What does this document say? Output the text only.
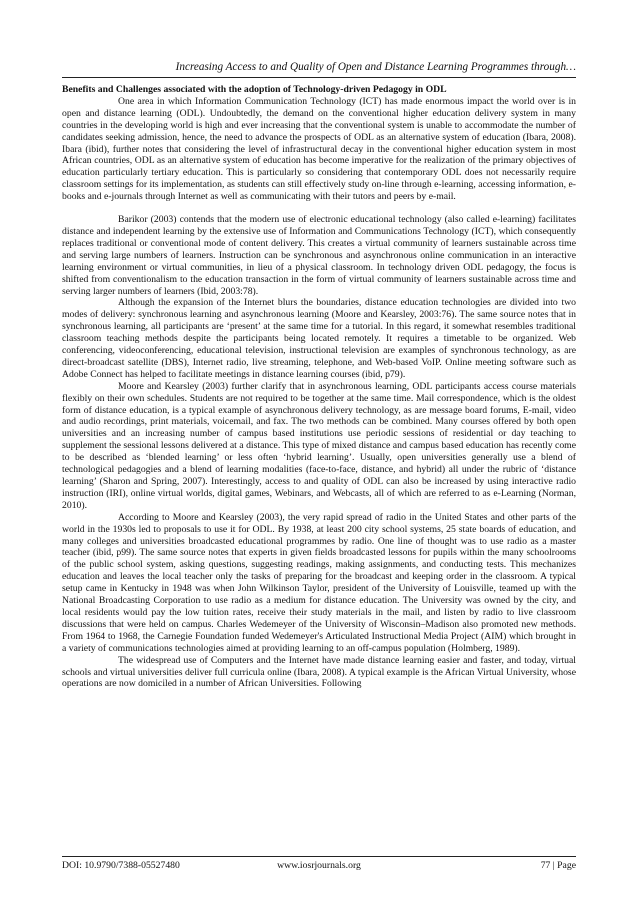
Increasing Access to and Quality of Open and Distance Learning Programmes through…
Benefits and Challenges associated with the adoption of Technology-driven Pedagogy in ODL

One area in which Information Communication Technology (ICT) has made enormous impact the world over is in open and distance learning (ODL). Undoubtedly, the demand on the conventional higher education delivery system in many countries in the developing world is high and ever increasing that the conventional system is unable to accommodate the number of candidates seeking admission, hence, the need to advance the prospects of ODL as an alternative system of education (Ibara, 2008). Ibara (ibid), further notes that considering the level of infrastructural decay in the conventional higher education system in most African countries, ODL as an alternative system of education has become imperative for the realization of the primary objectives of education particularly tertiary education. This is particularly so considering that contemporary ODL does not necessarily require classroom settings for its implementation, as students can still effectively study on-line through e-learning, accessing information, e-books and e-journals through Internet as well as communicating with their tutors and peers by e-mail.

Barikor (2003) contends that the modern use of electronic educational technology (also called e-learning) facilitates distance and independent learning by the extensive use of Information and Communications Technology (ICT), which consequently replaces traditional or conventional mode of content delivery. This creates a virtual community of learners sustainable across time and serving large numbers of learners. Instruction can be synchronous and asynchronous online communication in an interactive learning environment or virtual communities, in lieu of a physical classroom. In technology driven ODL pedagogy, the focus is shifted from conventionalism to the education transaction in the form of virtual community of learners sustainable across time and serving larger numbers of learners (Ibid, 2003:78).

Although the expansion of the Internet blurs the boundaries, distance education technologies are divided into two modes of delivery: synchronous learning and asynchronous learning (Moore and Kearsley, 2003:76). The same source notes that in synchronous learning, all participants are ‘present’ at the same time for a tutorial. In this regard, it somewhat resembles traditional classroom teaching methods despite the participants being located remotely. It requires a timetable to be organized. Web conferencing, videoconferencing, educational television, instructional television are examples of synchronous technology, as are direct-broadcast satellite (DBS), Internet radio, live streaming, telephone, and Web-based VoIP. Online meeting software such as Adobe Connect has helped to facilitate meetings in distance learning courses (ibid, p79).

Moore and Kearsley (2003) further clarify that in asynchronous learning, ODL participants access course materials flexibly on their own schedules. Students are not required to be together at the same time. Mail correspondence, which is the oldest form of distance education, is a typical example of asynchronous delivery technology, as are message board forums, E-mail, video and audio recordings, print materials, voicemail, and fax. The two methods can be combined. Many courses offered by both open universities and an increasing number of campus based institutions use periodic sessions of residential or day teaching to supplement the sessional lessons delivered at a distance. This type of mixed distance and campus based education has recently come to be described as ‘blended learning’ or less often ‘hybrid learning’. Usually, open universities generally use a blend of technological pedagogies and a blend of learning modalities (face-to-face, distance, and hybrid) all under the rubric of ‘distance learning’ (Sharon and Spring, 2007). Interestingly, access to and quality of ODL can also be increased by using interactive radio instruction (IRI), online virtual worlds, digital games, Webinars, and Webcasts, all of which are referred to as e-Learning (Norman, 2010).

According to Moore and Kearsley (2003), the very rapid spread of radio in the United States and other parts of the world in the 1930s led to proposals to use it for ODL. By 1938, at least 200 city school systems, 25 state boards of education, and many colleges and universities broadcasted educational programmes by radio. One line of thought was to use radio as a master teacher (ibid, p99). The same source notes that experts in given fields broadcasted lessons for pupils within the many schoolrooms of the public school system, asking questions, suggesting readings, making assignments, and conducting tests. This mechanizes education and leaves the local teacher only the tasks of preparing for the broadcast and keeping order in the classroom. A typical setup came in Kentucky in 1948 was when John Wilkinson Taylor, president of the University of Louisville, teamed up with the National Broadcasting Corporation to use radio as a medium for distance education. The University was owned by the city, and local residents would pay the low tuition rates, receive their study materials in the mail, and listen by radio to live classroom discussions that were held on campus. Charles Wedemeyer of the University of Wisconsin–Madison also promoted new methods. From 1964 to 1968, the Carnegie Foundation funded Wedemeyer's Articulated Instructional Media Project (AIM) which brought in a variety of communications technologies aimed at providing learning to an off-campus population (Holmberg, 1989).

The widespread use of Computers and the Internet have made distance learning easier and faster, and today, virtual schools and virtual universities deliver full curricula online (Ibara, 2008). A typical example is the African Virtual University, whose operations are now domiciled in a number of African Universities. Following

DOI: 10.9790/7388-05527480	www.iosrjournals.org	77 | Page
